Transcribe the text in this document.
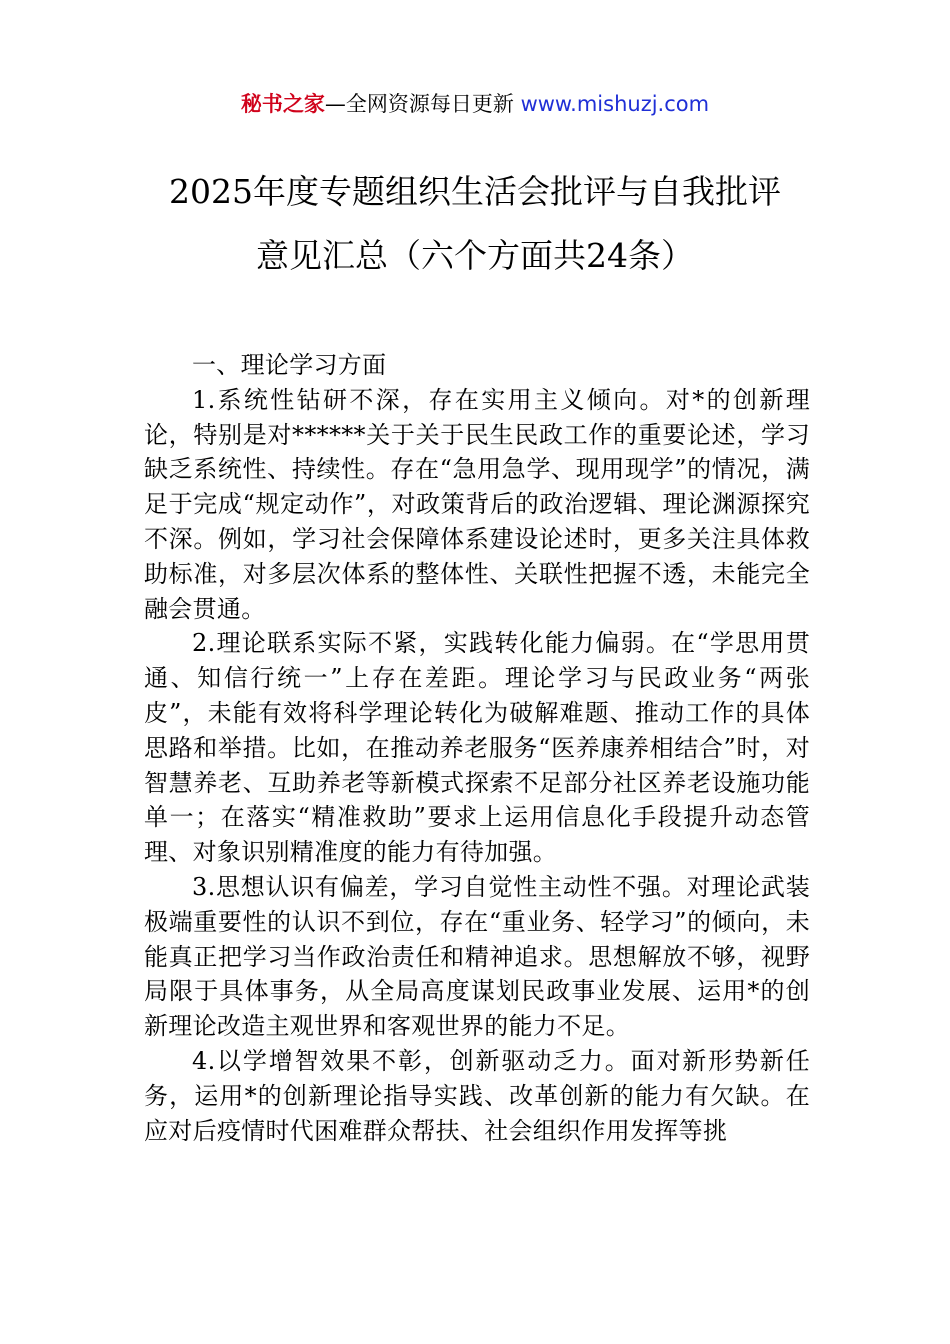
秘书之家—全网资源每日更新 www.mishuzj.com
2025年度专题组织生活会批评与自我批评
意见汇总（六个方面共24条）

一、理论学习方面

1.系统性钻研不深，存在实用主义倾向。对*的创新理论，特别是对******关于关于民生民政工作的重要论述，学习缺乏系统性、持续性。存在“急用急学、现用现学”的情况，满足于完成“规定动作”，对政策背后的政治逻辑、理论渊源探究不深。例如，学习社会保障体系建设论述时，更多关注具体救助标准，对多层次体系的整体性、关联性把握不透，未能完全融会贯通。

2.理论联系实际不紧，实践转化能力偏弱。在“学思用贯通、知信行统一”上存在差距。理论学习与民政业务“两张皮”，未能有效将科学理论转化为破解难题、推动工作的具体思路和举措。比如，在推动养老服务“医养康养相结合”时，对智慧养老、互助养老等新模式探索不足部分社区养老设施功能单一；在落实“精准救助”要求上运用信息化手段提升动态管理、对象识别精准度的能力有待加强。

3.思想认识有偏差，学习自觉性主动性不强。对理论武装极端重要性的认识不到位，存在“重业务、轻学习”的倾向，未能真正把学习当作政治责任和精神追求。思想解放不够，视野局限于具体事务，从全局高度谋划民政事业发展、运用*的创新理论改造主观世界和客观世界的能力不足。

4.以学增智效果不彰，创新驱动乏力。面对新形势新任务，运用*的创新理论指导实践、改革创新的能力有欠缺。在应对后疫情时代困难群众帮扶、社会组织作用发挥等挑
